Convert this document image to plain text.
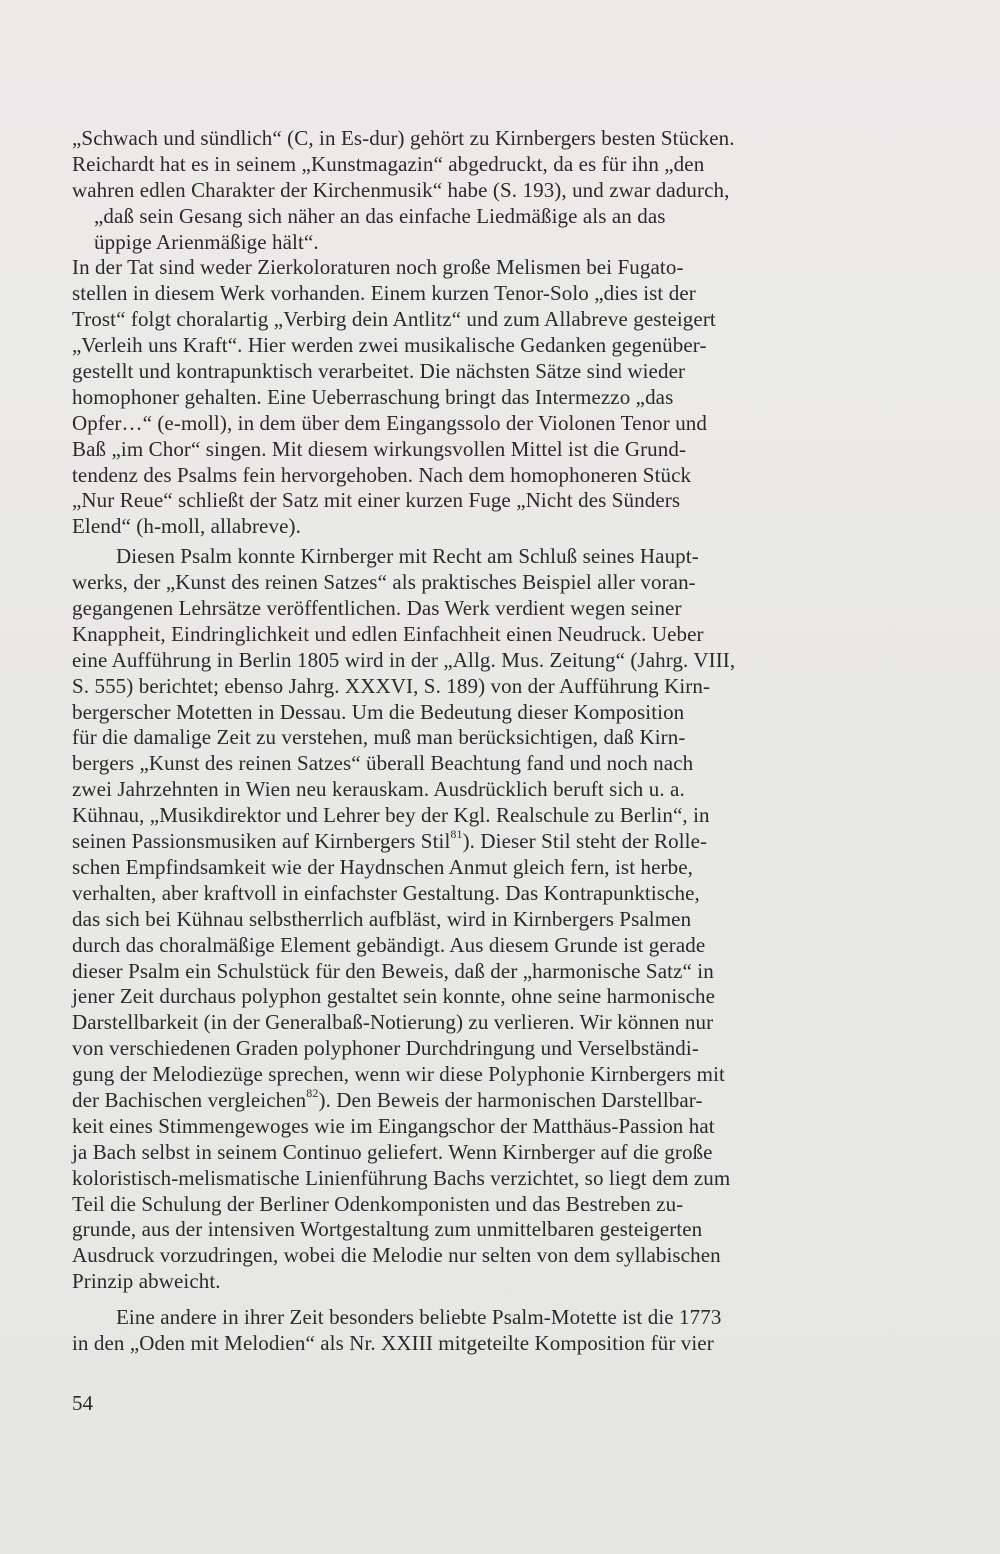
„Schwach und sündlich“ (C, in Es-dur) gehört zu Kirnbergers besten Stücken.
Reichardt hat es in seinem „Kunstmagazin“ abgedruckt, da es für ihn „den
wahren edlen Charakter der Kirchenmusik“ habe (S. 193), und zwar dadurch,
„daß sein Gesang sich näher an das einfache Liedmäßige als an das
üppige Arienmäßige hält“.
In der Tat sind weder Zierkoloraturen noch große Melismen bei Fugato-
stellen in diesem Werk vorhanden. Einem kurzen Tenor-Solo „dies ist der
Trost“ folgt choralartig „Verbirg dein Antlitz“ und zum Allabreve gesteigert
„Verleih uns Kraft“. Hier werden zwei musikalische Gedanken gegenüber-
gestellt und kontrapunktisch verarbeitet. Die nächsten Sätze sind wieder
homophoner gehalten. Eine Ueberraschung bringt das Intermezzo „das
Opfer…“ (e-moll), in dem über dem Eingangssolo der Violonen Tenor und
Baß „im Chor“ singen. Mit diesem wirkungsvollen Mittel ist die Grund-
tendenz des Psalms fein hervorgehoben. Nach dem homophoneren Stück
„Nur Reue“ schließt der Satz mit einer kurzen Fuge „Nicht des Sünders
Elend“ (h-moll, allabreve).
Diesen Psalm konnte Kirnberger mit Recht am Schluß seines Haupt-
werks, der „Kunst des reinen Satzes“ als praktisches Beispiel aller voran-
gegangenen Lehrsätze veröffentlichen. Das Werk verdient wegen seiner
Knappheit, Eindringlichkeit und edlen Einfachheit einen Neudruck. Ueber
eine Aufführung in Berlin 1805 wird in der „Allg. Mus. Zeitung“ (Jahrg. VIII,
S. 555) berichtet; ebenso Jahrg. XXXVI, S. 189) von der Aufführung Kirn-
bergerscher Motetten in Dessau. Um die Bedeutung dieser Komposition
für die damalige Zeit zu verstehen, muß man berücksichtigen, daß Kirn-
bergers „Kunst des reinen Satzes“ überall Beachtung fand und noch nach
zwei Jahrzehnten in Wien neu kerauskam. Ausdrücklich beruft sich u. a.
Kühnau, „Musikdirektor und Lehrer bey der Kgl. Realschule zu Berlin“, in
seinen Passionsmusiken auf Kirnbergers Stil$^{81}$). Dieser Stil steht der Rolle-
schen Empfindsamkeit wie der Haydnschen Anmut gleich fern, ist herbe,
verhalten, aber kraftvoll in einfachster Gestaltung. Das Kontrapunktische,
das sich bei Kühnau selbstherrlich aufbläst, wird in Kirnbergers Psalmen
durch das choralmäßige Element gebändigt. Aus diesem Grunde ist gerade
dieser Psalm ein Schulstück für den Beweis, daß der „harmonische Satz“ in
jener Zeit durchaus polyphon gestaltet sein konnte, ohne seine harmonische
Darstellbarkeit (in der Generalbaß-Notierung) zu verlieren. Wir können nur
von verschiedenen Graden polyphoner Durchdringung und Verselbständi-
gung der Melodiezüge sprechen, wenn wir diese Polyphonie Kirnbergers mit
der Bachischen vergleichen$^{82}$). Den Beweis der harmonischen Darstellbar-
keit eines Stimmengewoges wie im Eingangschor der Matthäus-Passion hat
ja Bach selbst in seinem Continuo geliefert. Wenn Kirnberger auf die große
koloristisch-melismatische Linienführung Bachs verzichtet, so liegt dem zum
Teil die Schulung der Berliner Odenkomponisten und das Bestreben zu-
grunde, aus der intensiven Wortgestaltung zum unmittelbaren gesteigerten
Ausdruck vorzudringen, wobei die Melodie nur selten von dem syllabischen
Prinzip abweicht.
Eine andere in ihrer Zeit besonders beliebte Psalm-Motette ist die 1773
in den „Oden mit Melodien“ als Nr. XXIII mitgeteilte Komposition für vier
54
